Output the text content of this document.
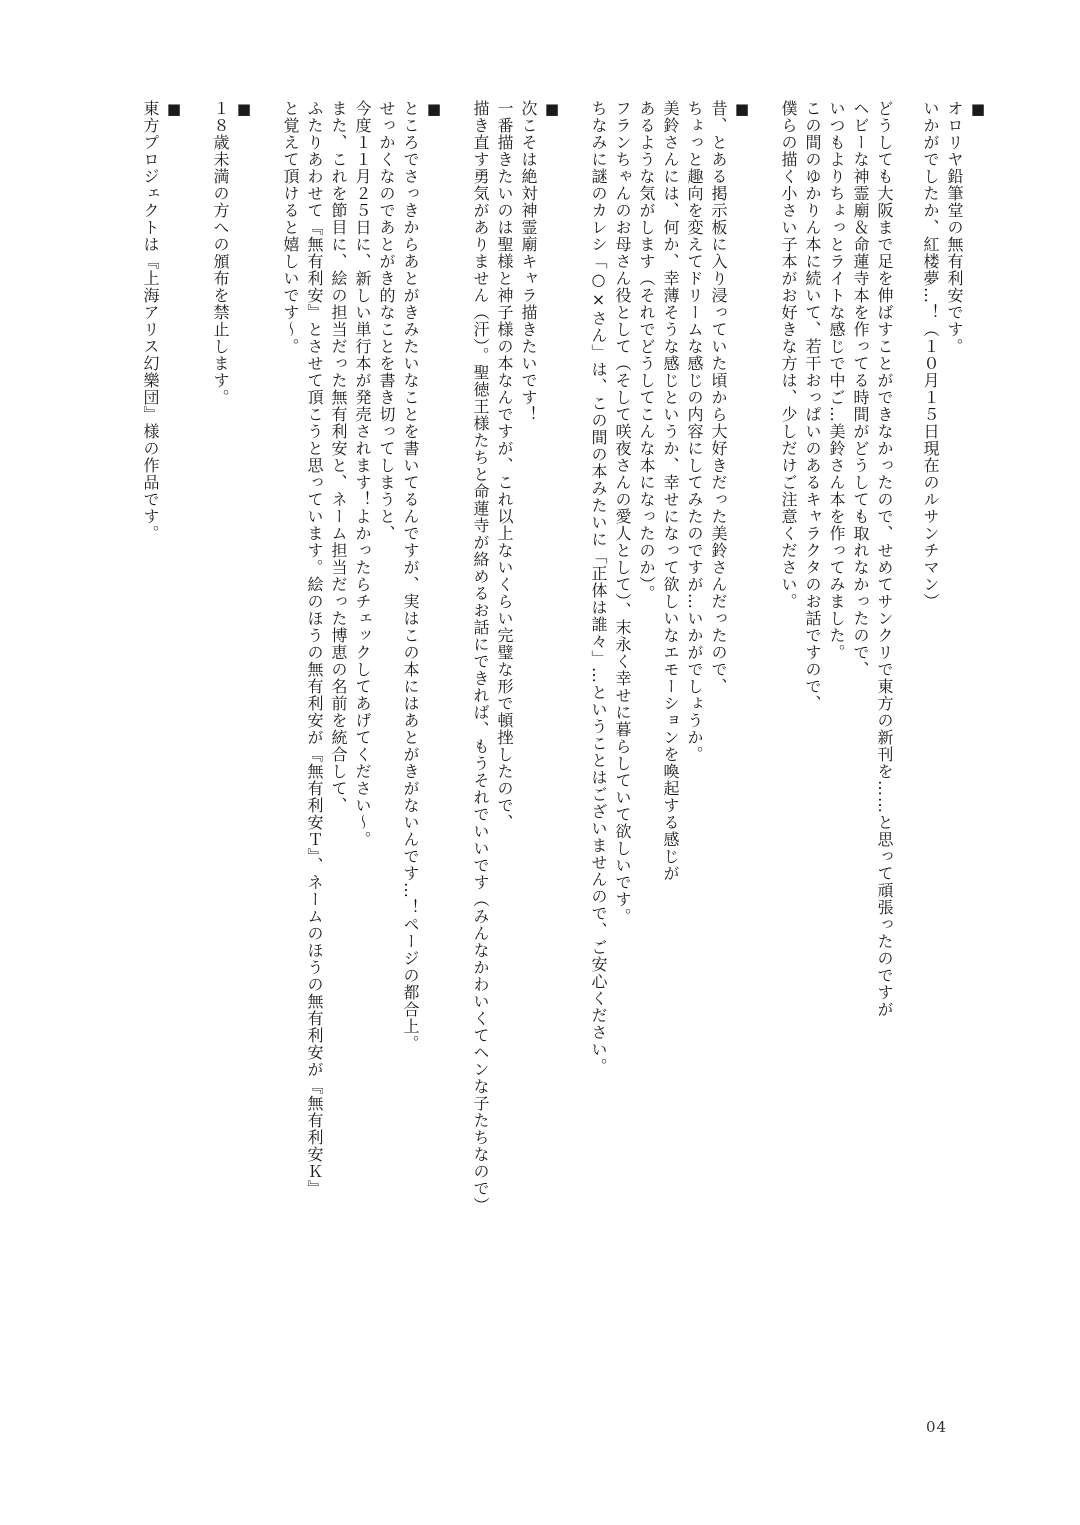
■
オロリヤ鉛筆堂の無有利安です。
いかがでしたか、紅楼夢…！（１０月１５日現在のルサンチマン）
どうしても大阪まで足を伸ばすことができなかったので、せめてサンクリで東方の新刊を……と思って頑張ったのですが
ヘビーな神霊廟＆命蓮寺本を作ってる時間がどうしても取れなかったので、
いつもよりちょっとライトな感じで中ご…美鈴さん本を作ってみました。
この間のゆかりん本に続いて、若干おっぱいのあるキャラクタのお話ですので、
僕らの描く小さい子本がお好きな方は、少しだけご注意ください。
■
昔、とある掲示板に入り浸っていた頃から大好きだった美鈴さんだったので、
ちょっと趣向を変えてドリームな感じの内容にしてみたのですが…いかがでしょうか。
美鈴さんには、何か、幸薄そうな感じというか、幸せになって欲しいなエモーションを喚起する感じが
あるような気がします（それでどうしてこんな本になったのか）。
フランちゃんのお母さん役として（そして咲夜さんの愛人として）、末永く幸せに暮らしていて欲しいです。
ちなみに謎のカレシ「○×さん」は、この間の本みたいに「正体は誰々」…ということはございませんので、ご安心ください。
■
次こそは絶対神霊廟キャラ描きたいです！
一番描きたいのは聖様と神子様の本なんですが、これ以上ないくらい完璧な形で頓挫したので、
描き直す勇気がありません（汗）。聖徳王様たちと命蓮寺が絡めるお話にできれば、もうそれでいいです（みんなかわいくてヘンな子たちなので）
■
ところでさっきからあとがきみたいなことを書いてるんですが、実はこの本にはあとがきがないんです…！ページの都合上。
せっかくなのであとがき的なことを書き切ってしまうと、
今度１１月２５日に、新しい単行本が発売されます！よかったらチェックしてあげてください〜。
また、これを節目に、絵の担当だった無有利安と、ネーム担当だった博恵の名前を統合して、
ふたりあわせて『無有利安』とさせて頂こうと思っています。絵のほうの無有利安が『無有利安Ｔ』、ネームのほうの無有利安が『無有利安Ｋ』
と覚えて頂けると嬉しいです〜。
■
１８歳未満の方への頒布を禁止します。
■
東方プロジェクトは『上海アリス幻樂団』様の作品です。
04
